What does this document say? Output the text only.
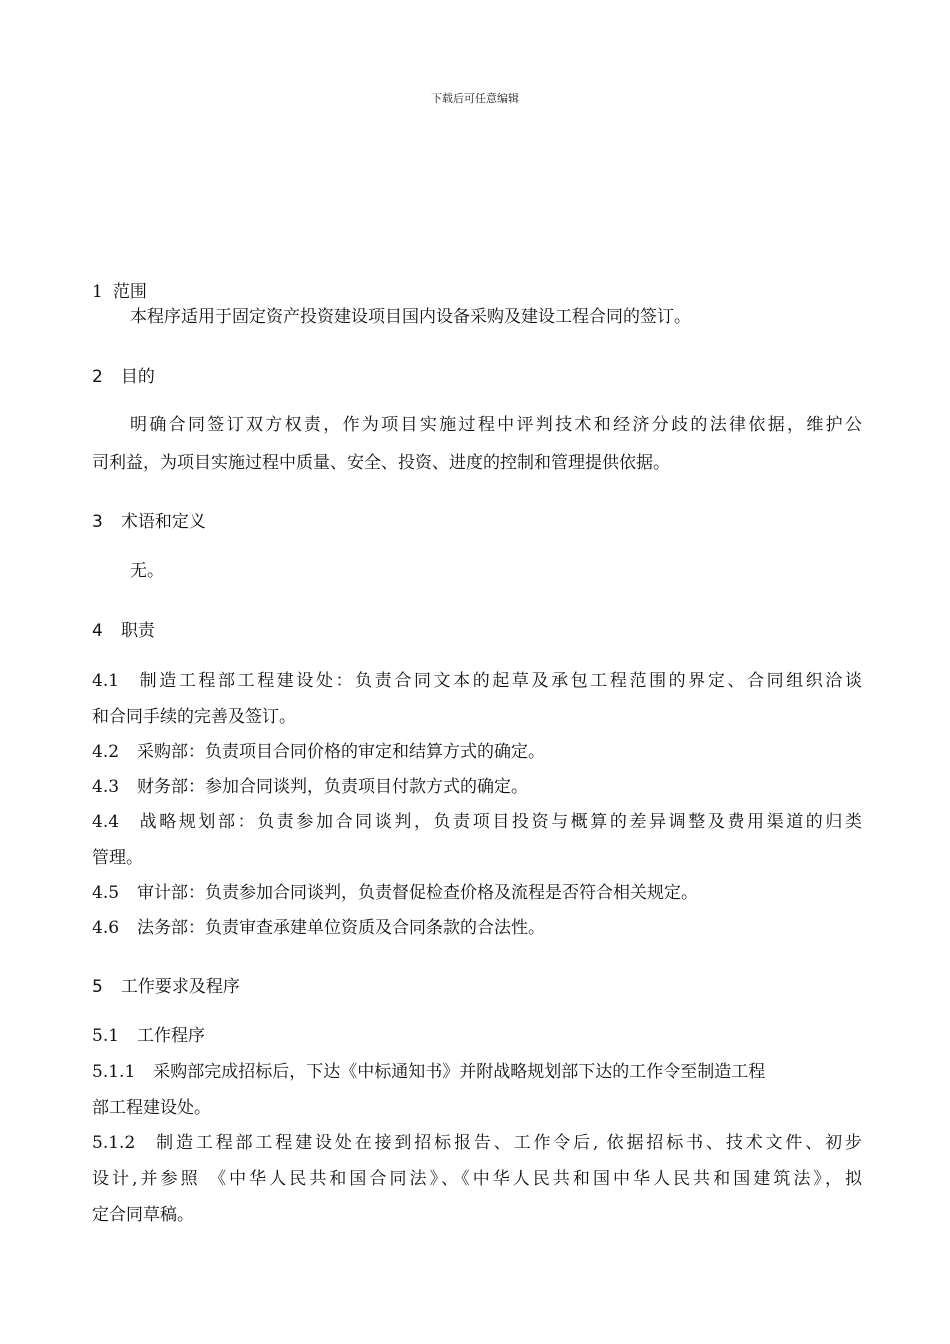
下载后可任意编辑
1 范围
本程序适用于固定资产投资建设项目国内设备采购及建设工程合同的签订。
2 目的
明确合同签订双方权责，作为项目实施过程中评判技术和经济分歧的法律依据，维护公
司利益，为项目实施过程中质量、安全、投资、进度的控制和管理提供依据。
3 术语和定义
无。
4 职责
4.1 制造工程部工程建设处：负责合同文本的起草及承包工程范围的界定、合同组织洽谈
和合同手续的完善及签订。
4.2 采购部：负责项目合同价格的审定和结算方式的确定。
4.3 财务部：参加合同谈判，负责项目付款方式的确定。
4.4 战略规划部：负责参加合同谈判，负责项目投资与概算的差异调整及费用渠道的归类
管理。
4.5 审计部：负责参加合同谈判，负责督促检查价格及流程是否符合相关规定。
4.6 法务部：负责审查承建单位资质及合同条款的合法性。
5 工作要求及程序
5.1 工作程序
5.1.1 采购部完成招标后，下达《中标通知书》并附战略规划部下达的工作令至制造工程
部工程建设处。
5.1.2 制造工程部工程建设处在接到招标报告、工作令后, 依据招标书、技术文件、初步
设计,并参照 《中华人民共和国合同法》、《中华人民共和国中华人民共和国建筑法》，拟
定合同草稿。
